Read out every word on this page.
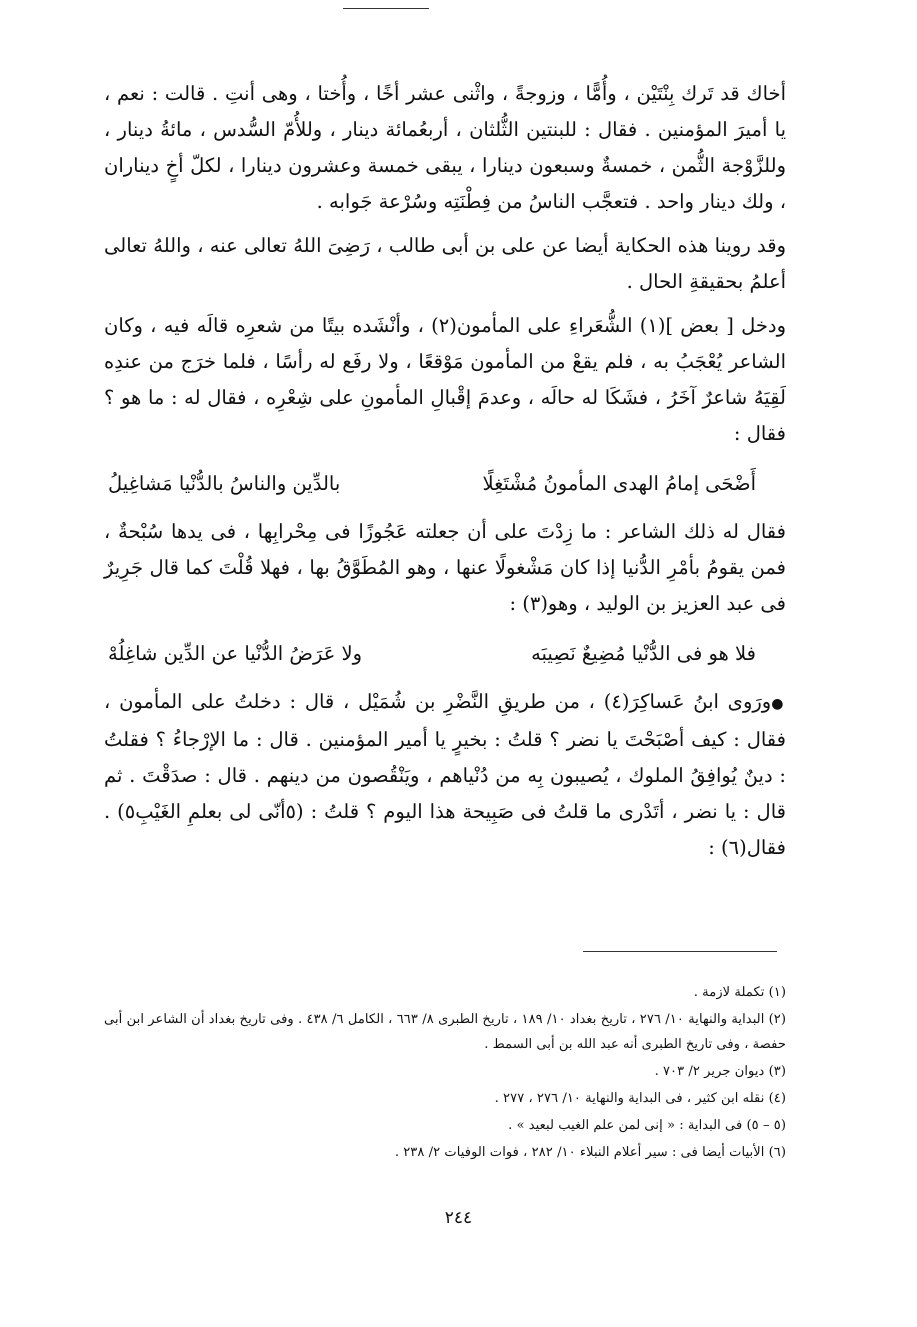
أخاك قد تَرك بِنْتَيْن ، وأُمًّا ، وزوجةً ، واثْنى عشر أخًا ، وأُختا ، وهى أنتِ . قالت : نعم ، يا أميرَ المؤمنين . فقال : للبنتين الثُّلثان ، أربعُمائة دينار ، وللأُمّ السُّدس ، مائةُ دينار ، وللزَّوْجة الثُّمن ، خمسةٌ وسبعون دينارا ، يبقى خمسة وعشرون دينارا ، لكلّ أخٍ ديناران ، ولك دينار واحد . فتعجَّب الناسُ من فِطْنَتِه وسُرْعة جَوابه .

وقد روينا هذه الحكاية أيضا عن على بن أبى طالب ، رَضِىَ اللهُ تعالى عنه ، واللهُ تعالى أعلمُ بحقيقةِ الحال .

ودخل [ بعض ](١) الشُّعَراءِ على المأمون(٢) ، وأنْشَده بيتًا من شعرِه قالَه فيه ، وكان الشاعر يُعْجَبُ به ، فلم يقعْ من المأمون مَوْقعًا ، ولا رفَع له رأسًا ، فلما خرَج من عندِه لَقِيَهُ شاعرٌ آخَرُ ، فشَكَا له حالَه ، وعدمَ إقْبالِ المأمونِ على شِعْرِه ، فقال له : ما هو ؟ فقال :

أَضْحَى إمامُ الهدى المأمونُ مُشْتَغِلًا
بالدِّين والناسُ بالدُّنْيا مَشاغِيلُ

فقال له ذلك الشاعر : ما زِدْتَ على أن جعلته عَجُوزًا فى مِحْرابِها ، فى يدها سُبْحةٌ ، فمن يقومُ بأمْرِ الدُّنيا إذا كان مَشْغولًا عنها ، وهو المُطَوَّقُ بها ، فهلا قُلْتَ كما قال جَرِيرٌ فى عبد العزيز بن الوليد ، وهو(٣) :

فلا هو فى الدُّنْيا مُضِيعٌ نَصِيبَه
ولا عَرَضُ الدُّنْيا عن الدِّين شاغِلُهْ

●ورَوى ابنُ عَساكِرَ(٤) ، من طريقِ النَّضْرِ بن شُمَيْل ، قال : دخلتُ على المأمون ، فقال : كيف أصْبَحْتَ يا نضر ؟ قلتُ : بخيرٍ يا أمير المؤمنين . قال : ما الإرْجاءُ ؟ فقلتُ : دينٌ يُوافِقُ الملوك ، يُصيبون بِه من دُنْياهم ، ويَنْقُصون من دينهم . قال : صدَقْتَ . ثم قال : يا نضر ، أتَدْرى ما قلتُ فى صَبِيحة هذا اليوم ؟ قلتُ : (٥أنّى لى بعلمِ الغَيْبِ٥) . فقال(٦) :

(١) تكملة لازمة .

(٢) البداية والنهاية ١٠/ ٢٧٦ ، تاريخ بغداد ١٠/ ١٨٩ ، تاريخ الطبرى ٨/ ٦٦٣ ، الكامل ٦/ ٤٣٨ . وفى تاريخ بغداد أن الشاعر ابن أبى حفصة ، وفى تاريخ الطبرى أنه عبد الله بن أبى السمط .

(٣) ديوان جرير ٢/ ٧٠٣ .

(٤) نقله ابن كثير ، فى البداية والنهاية ١٠/ ٢٧٦ ، ٢٧٧ .

(٥ – ٥) فى البداية : « إنى لمن علم الغيب لبعيد » .

(٦) الأبيات أيضا فى : سير أعلام النبلاء ١٠/ ٢٨٢ ، فوات الوفيات ٢/ ٢٣٨ .

٢٤٤
